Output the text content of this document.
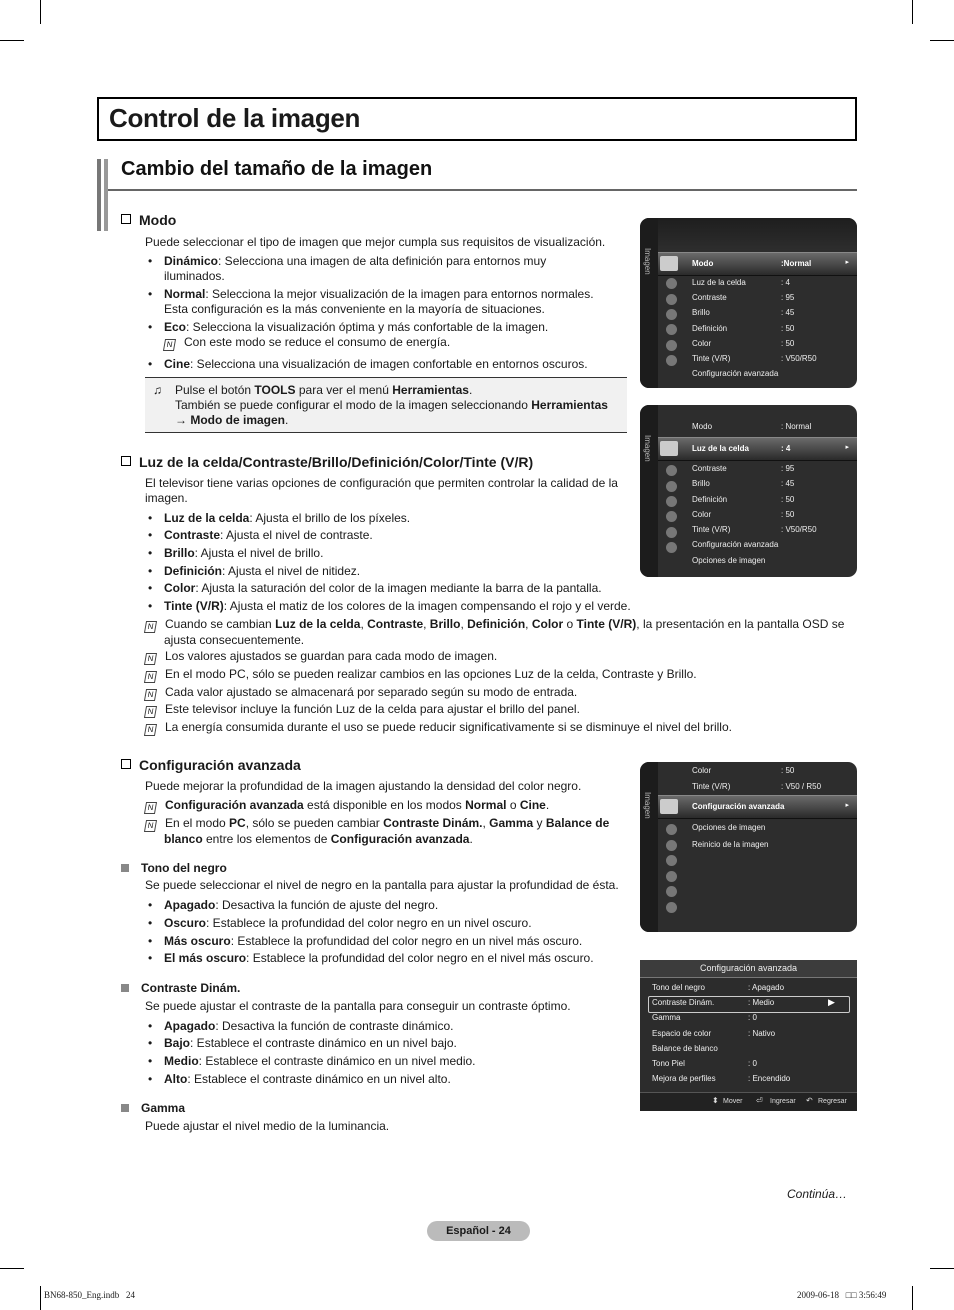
Control de la imagen
Cambio del tamaño de la imagen
Modo
Puede seleccionar el tipo de imagen que mejor cumpla sus requisitos de visualización.
• Dinámico: Selecciona una imagen de alta definición para entornos muy
iluminados.
• Normal: Selecciona la mejor visualización de la imagen para entornos normales.
Esta configuración es la más conveniente en la mayoría de situaciones.
• Eco: Selecciona la visualización óptima y más confortable de la imagen.
N Con este modo se reduce el consumo de energía.
• Cine: Selecciona una visualización de imagen confortable en entornos oscuros.
♫ Pulse el botón TOOLS para ver el menú Herramientas.
También se puede configurar el modo de la imagen seleccionando Herramientas
→ Modo de imagen.
Luz de la celda/Contraste/Brillo/Definición/Color/Tinte (V/R)
El televisor tiene varias opciones de configuración que permiten controlar la calidad de la
imagen.
• Luz de la celda: Ajusta el brillo de los píxeles.
• Contraste: Ajusta el nivel de contraste.
• Brillo: Ajusta el nivel de brillo.
• Definición: Ajusta el nivel de nitidez.
• Color: Ajusta la saturación del color de la imagen mediante la barra de la pantalla.
• Tinte (V/R): Ajusta el matiz de los colores de la imagen compensando el rojo y el verde.
N Cuando se cambian Luz de la celda, Contraste, Brillo, Definición, Color o Tinte (V/R), la presentación en la pantalla OSD se
ajusta consecuentemente.
N Los valores ajustados se guardan para cada modo de imagen.
N En el modo PC, sólo se pueden realizar cambios en las opciones Luz de la celda, Contraste y Brillo.
N Cada valor ajustado se almacenará por separado según su modo de entrada.
N Este televisor incluye la función Luz de la celda para ajustar el brillo del panel.
N La energía consumida durante el uso se puede reducir significativamente si se disminuye el nivel del brillo.
Configuración avanzada
Puede mejorar la profundidad de la imagen ajustando la densidad del color negro.
N Configuración avanzada está disponible en los modos Normal o Cine.
N En el modo PC, sólo se pueden cambiar Contraste Dinám., Gamma y Balance de
blanco entre los elementos de Configuración avanzada.
Tono del negro
Se puede seleccionar el nivel de negro en la pantalla para ajustar la profundidad de ésta.
• Apagado: Desactiva la función de ajuste del negro.
• Oscuro: Establece la profundidad del color negro en un nivel oscuro.
• Más oscuro: Establece la profundidad del color negro en un nivel más oscuro.
• El más oscuro: Establece la profundidad del color negro en el nivel más oscuro.
Contraste Dinám.
Se puede ajustar el contraste de la pantalla para conseguir un contraste óptimo.
• Apagado: Desactiva la función de contraste dinámico.
• Bajo: Establece el contraste dinámico en un nivel bajo.
• Medio: Establece el contraste dinámico en un nivel medio.
• Alto: Establece el contraste dinámico en un nivel alto.
Gamma
Puede ajustar el nivel medio de la luminancia.
Imagen	Modo	:Normal	▸
Luz de la celda	: 4
Contraste	: 95
Brillo	: 45
Definición	: 50
Color	: 50
Tinte (V/R)	: V50/R50
Configuración avanzada
Imagen
Modo	: Normal
Luz de la celda	: 4	▸
Contraste	: 95
Brillo	: 45
Definición	: 50
Color	: 50
Tinte (V/R)	: V50/R50
Configuración avanzada
Opciones de imagen
Imagen
Color	: 50
Tinte (V/R)	: V50 / R50
Configuración avanzada	▸
Opciones de imagen
Reinicio de la imagen
Configuración avanzada
Tono del negro	: Apagado
Contraste Dinám.	: Medio	▶
Gamma	: 0
Espacio de color	: Nativo
Balance de blanco
Tono Piel	: 0
Mejora de perfiles	: Encendido
⬍ Mover ⏎ Ingresar ↶ Regresar
Continúa…
Español - 24
BN68-850_Eng.indb   24	2009-06-18   □□ 3:56:49
